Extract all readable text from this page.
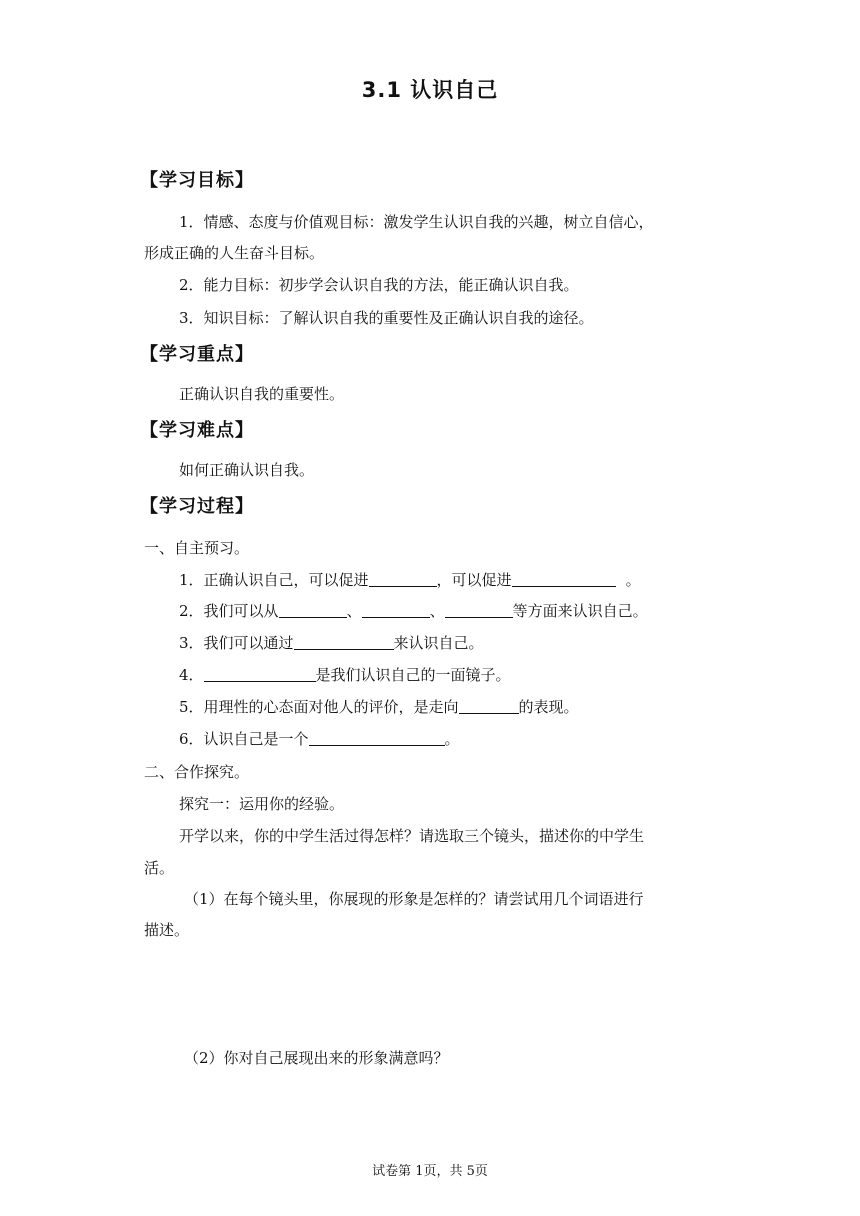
3.1 认识自己
【学习目标】
1．情感、态度与价值观目标：激发学生认识自我的兴趣，树立自信心，
形成正确的人生奋斗目标。
2．能力目标：初步学会认识自我的方法，能正确认识自我。
3．知识目标：了解认识自我的重要性及正确认识自我的途径。
【学习重点】
正确认识自我的重要性。
【学习难点】
如何正确认识自我。
【学习过程】
一、自主预习。
1．正确认识自己，可以促进	，可以促进	。
2．我们可以从	、	、	等方面来认识自己。
3．我们可以通过	来认识自己。
4．	是我们认识自己的一面镜子。
5．用理性的心态面对他人的评价，是走向	的表现。
6．认识自己是一个	。
二、合作探究。
探究一：运用你的经验。
开学以来，你的中学生活过得怎样？请选取三个镜头，描述你的中学生
活。
（1）在每个镜头里，你展现的形象是怎样的？请尝试用几个词语进行
描述。
（2）你对自己展现出来的形象满意吗？
试卷第 1页，共 5页
